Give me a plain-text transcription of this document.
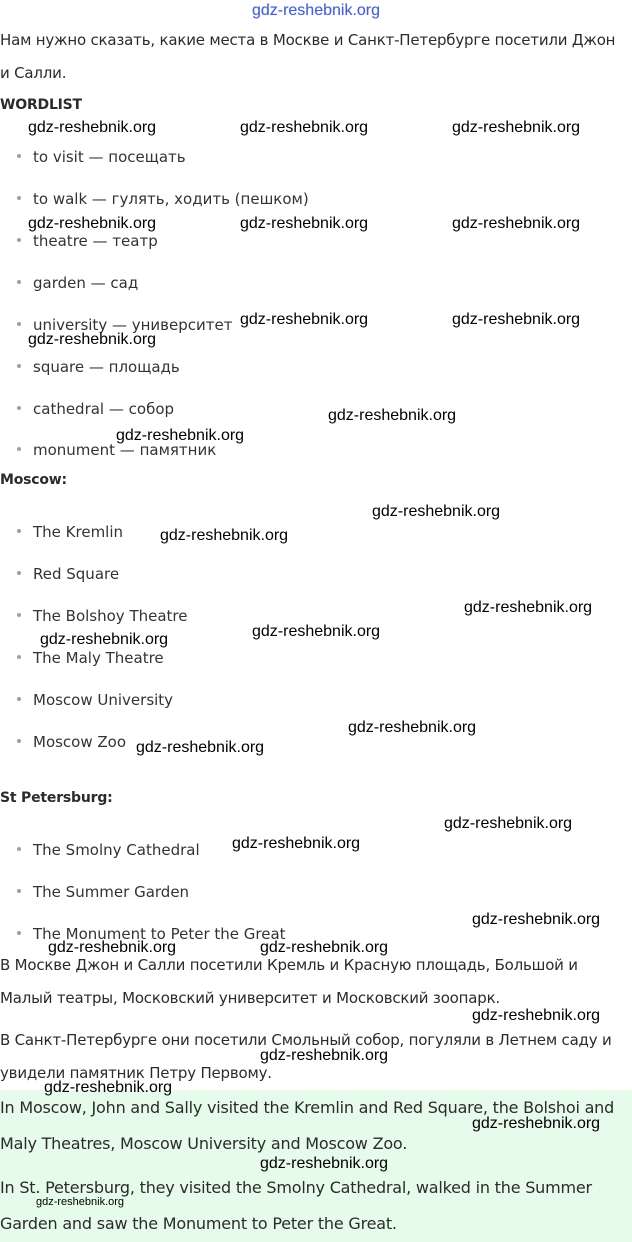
gdz-reshebnik.org

Нам нужно сказать, какие места в Москве и Санкт-Петербурге посетили Джон и Салли.

WORDLIST
to visit — посещать
to walk — гулять, ходить (пешком)
theatre — театр
garden — сад
university — университет
square — площадь
cathedral — собор
monument — памятник
Moscow:
The Kremlin
Red Square
The Bolshoy Theatre
The Maly Theatre
Moscow University
Moscow Zoo
St Petersburg:
The Smolny Cathedral
The Summer Garden
The Monument to Peter the Great

В Москве Джон и Салли посетили Кремль и Красную площадь, Большой и Малый театры, Московский университет и Московский зоопарк.

В Санкт-Петербурге они посетили Смольный собор, погуляли в Летнем саду и увидели памятник Петру Первому.

In Moscow, John and Sally visited the Kremlin and Red Square, the Bolshoi and Maly Theatres, Moscow University and Moscow Zoo.

In St. Petersburg, they visited the Smolny Cathedral, walked in the Summer Garden and saw the Monument to Peter the Great.

gdz-reshebnik.org	gdz-reshebnik.org	gdz-reshebnik.org
gdz-reshebnik.org	gdz-reshebnik.org	gdz-reshebnik.org
gdz-reshebnik.org	gdz-reshebnik.org
gdz-reshebnik.org
gdz-reshebnik.org
gdz-reshebnik.org
gdz-reshebnik.org
gdz-reshebnik.org
gdz-reshebnik.org
gdz-reshebnik.org
gdz-reshebnik.org
gdz-reshebnik.org
gdz-reshebnik.org
gdz-reshebnik.org
gdz-reshebnik.org
gdz-reshebnik.org
gdz-reshebnik.org	gdz-reshebnik.org
gdz-reshebnik.org
gdz-reshebnik.org
gdz-reshebnik.org
gdz-reshebnik.org
gdz-reshebnik.org
gdz-reshebnik.org
